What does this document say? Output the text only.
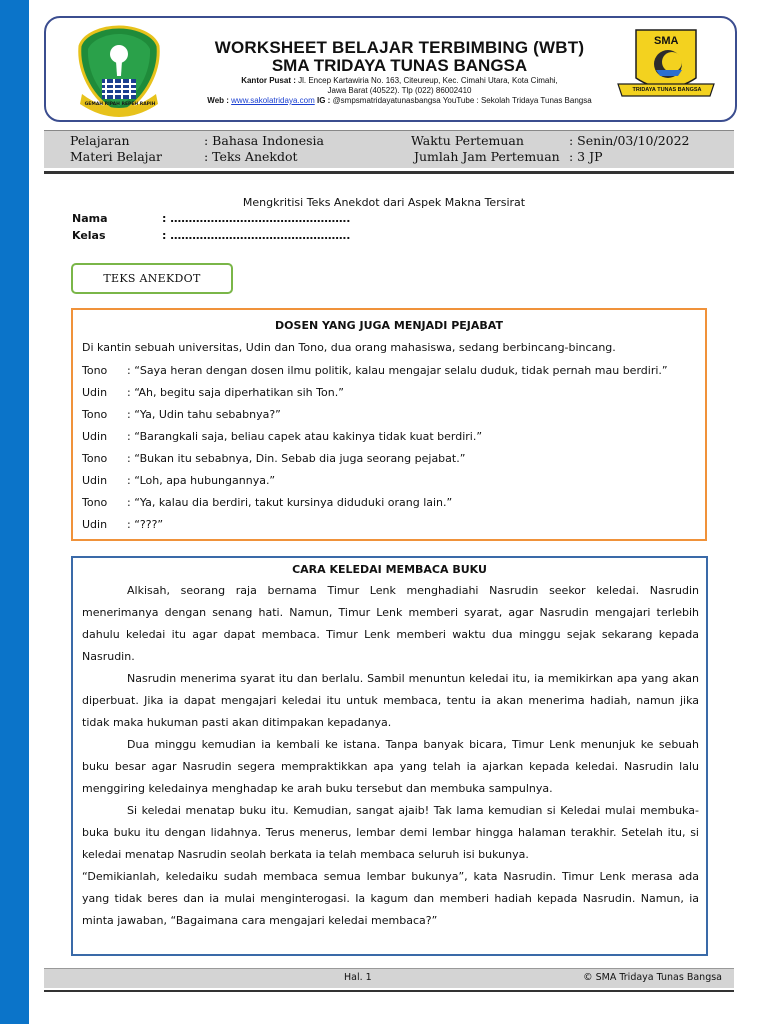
WORKSHEET BELAJAR TERBIMBING (WBT)
SMA TRIDAYA TUNAS BANGSA
Kantor Pusat : Jl. Encep Kartawiria No. 163, Citeureup, Kec. Cimahi Utara, Kota Cimahi,
Jawa Barat (40522). Tlp (022) 86002410
Web : www.sakolatridaya.com IG : @smpsmatridayatunasbangsa YouTube : Sekolah Tridaya Tunas Bangsa
SMA
TRIDAYA TUNAS BANGSA
GEMAH RIPAH REPEH RAPIH
Pelajaran	: Bahasa Indonesia
Materi Belajar	: Teks Anekdot
Waktu Pertemuan	: Senin/03/10/2022
Jumlah Jam Pertemuan : 3 JP
Mengkritisi Teks Anekdot dari Aspek Makna Tersirat
Nama	: ………………………………………….
Kelas	: ………………………………………….
TEKS ANEKDOT
DOSEN YANG JUGA MENJADI PEJABAT
Di kantin sebuah universitas, Udin dan Tono, dua orang mahasiswa, sedang berbincang-bincang.
Tono : “Saya heran dengan dosen ilmu politik, kalau mengajar selalu duduk, tidak pernah mau berdiri.”
Udin : “Ah, begitu saja diperhatikan sih Ton.”
Tono : “Ya, Udin tahu sebabnya?”
Udin : “Barangkali saja, beliau capek atau kakinya tidak kuat berdiri.”
Tono : “Bukan itu sebabnya, Din. Sebab dia juga seorang pejabat.”
Udin : “Loh, apa hubungannya.”
Tono : “Ya, kalau dia berdiri, takut kursinya diduduki orang lain.”
Udin : “???”
CARA KELEDAI MEMBACA BUKU

Alkisah, seorang raja bernama Timur Lenk menghadiahi Nasrudin seekor keledai. Nasrudin menerimanya dengan senang hati. Namun, Timur Lenk memberi syarat, agar Nasrudin mengajari terlebih dahulu keledai itu agar dapat membaca. Timur Lenk memberi waktu dua minggu sejak sekarang kepada Nasrudin.

Nasrudin menerima syarat itu dan berlalu. Sambil menuntun keledai itu, ia memikirkan apa yang akan diperbuat. Jika ia dapat mengajari keledai itu untuk membaca, tentu ia akan menerima hadiah, namun jika tidak maka hukuman pasti akan ditimpakan kepadanya.

Dua minggu kemudian ia kembali ke istana. Tanpa banyak bicara, Timur Lenk menunjuk ke sebuah buku besar agar Nasrudin segera mempraktikkan apa yang telah ia ajarkan kepada keledai. Nasrudin lalu menggiring keledainya menghadap ke arah buku tersebut dan membuka sampulnya.

Si keledai menatap buku itu. Kemudian, sangat ajaib! Tak lama kemudian si Keledai mulai membuka-buka buku itu dengan lidahnya. Terus menerus, lembar demi lembar hingga halaman terakhir. Setelah itu, si keledai menatap Nasrudin seolah berkata ia telah membaca seluruh isi bukunya.

“Demikianlah, keledaiku sudah membaca semua lembar bukunya”, kata Nasrudin. Timur Lenk merasa ada yang tidak beres dan ia mulai menginterogasi. Ia kagum dan memberi hadiah kepada Nasrudin. Namun, ia minta jawaban, “Bagaimana cara mengajari keledai membaca?”

Hal. 1	© SMA Tridaya Tunas Bangsa
